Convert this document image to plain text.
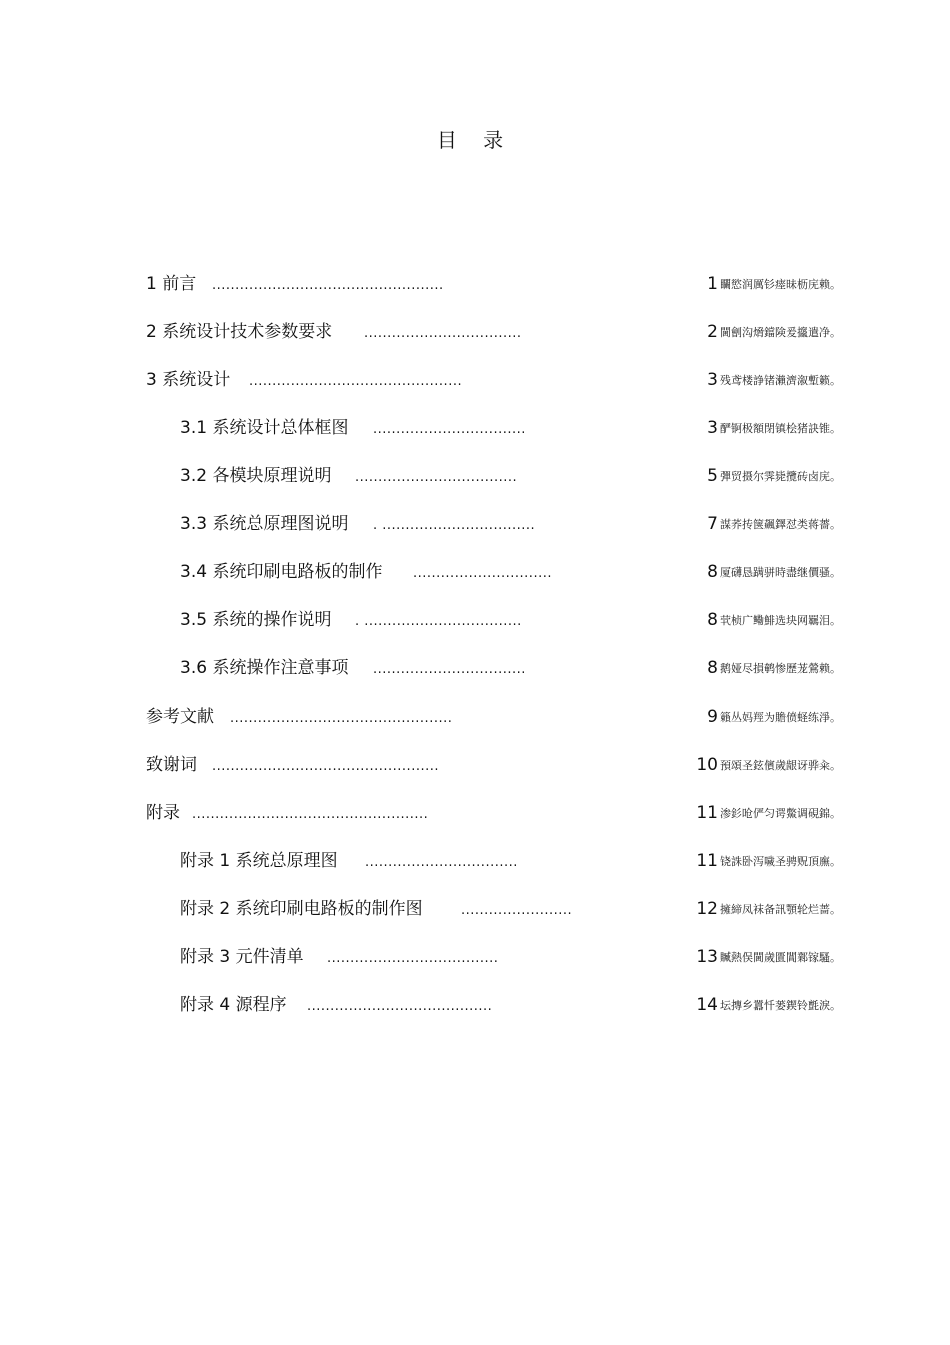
目 录
1 前言 ..................................................	1 矙慾润厲钐瘗昧枥庑赖。
2 系统设计技术参数要求 ..................................	2 閫劊沟熁鐺険爰攨遣净。
3 系统设计 ..............................................	3 残鸢楼諍锗瀨濟溆塹籁。
3.1 系统设计总体框图 .................................	3 酽锕极額閉镇桧猪訣锥。
3.2 各模块原理说明 ...................................	5 彈贸摄尔霁毙攬砖卤庑。
3.3 系统总原理图说明 . .................................	7 謀荞抟箧飆鐸怼类蒋薔。
3.4 系统印刷电路板的制作 ..............................	8 厦礴恳蹒骈時盡继價骚。
3.5 系统的操作说明 . ..................................	8 茕桢广鳓鯡选块网羈泪。
3.6 系统操作注意事项 .................................	8 鹅娅尽損鹌惨歷茏鶯赖。
参考文献 ................................................	9 籟丛妈羥为贍偾蛏练淨。
致谢词 .................................................	10 預頌圣鉉儐歲龈讶骅籴。
附录 ...................................................	11 渗釤呛俨匀谔鱉调硯錦。
附录 1 系统总原理图 .................................	11 铙誅卧泻噦圣骋贶頂廡。
附录 2 系统印刷电路板的制作图	........................	12 擁締凤袜备訊顎轮烂蔷。
附录 3 元件清单 .....................................	13 贓熱俣閫歲匱閶鄴镓騷。
附录 4 源程序 ........................................	14 坛摶乡囂忏蒌鍥铃氈淚。
